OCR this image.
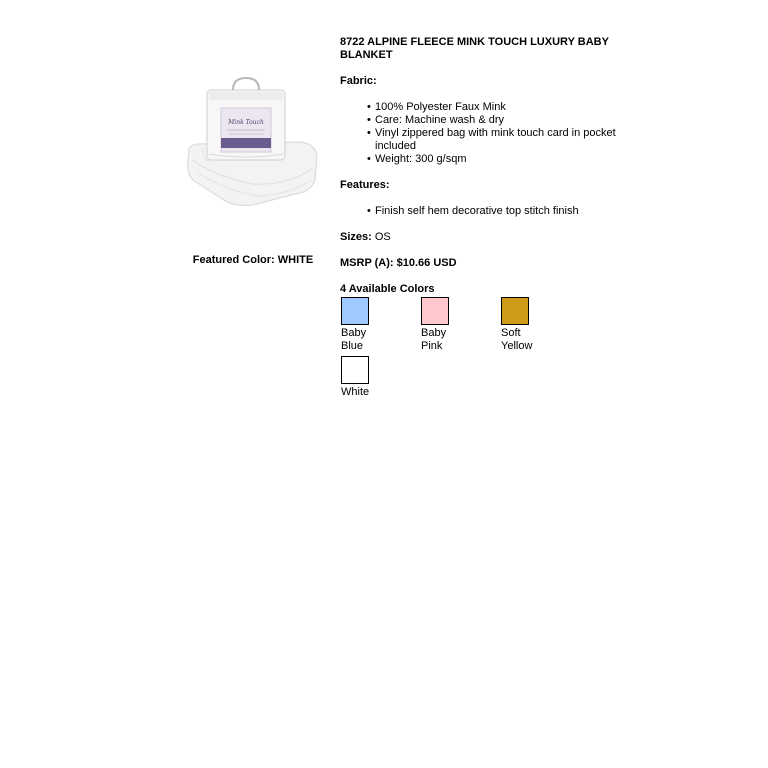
Mink Touch
Featured Color: WHITE
8722 ALPINE FLEECE MINK TOUCH LUXURY BABY BLANKET
Fabric:
• 100% Polyester Faux Mink
• Care: Machine wash & dry
• Vinyl zippered bag with mink touch card in pocket included
• Weight: 300 g/sqm
Features:
• Finish self hem decorative top stitch finish
Sizes: OS
MSRP (A): $10.66 USD
4 Available Colors
Baby
Blue
Baby
Pink
Soft
Yellow
White
